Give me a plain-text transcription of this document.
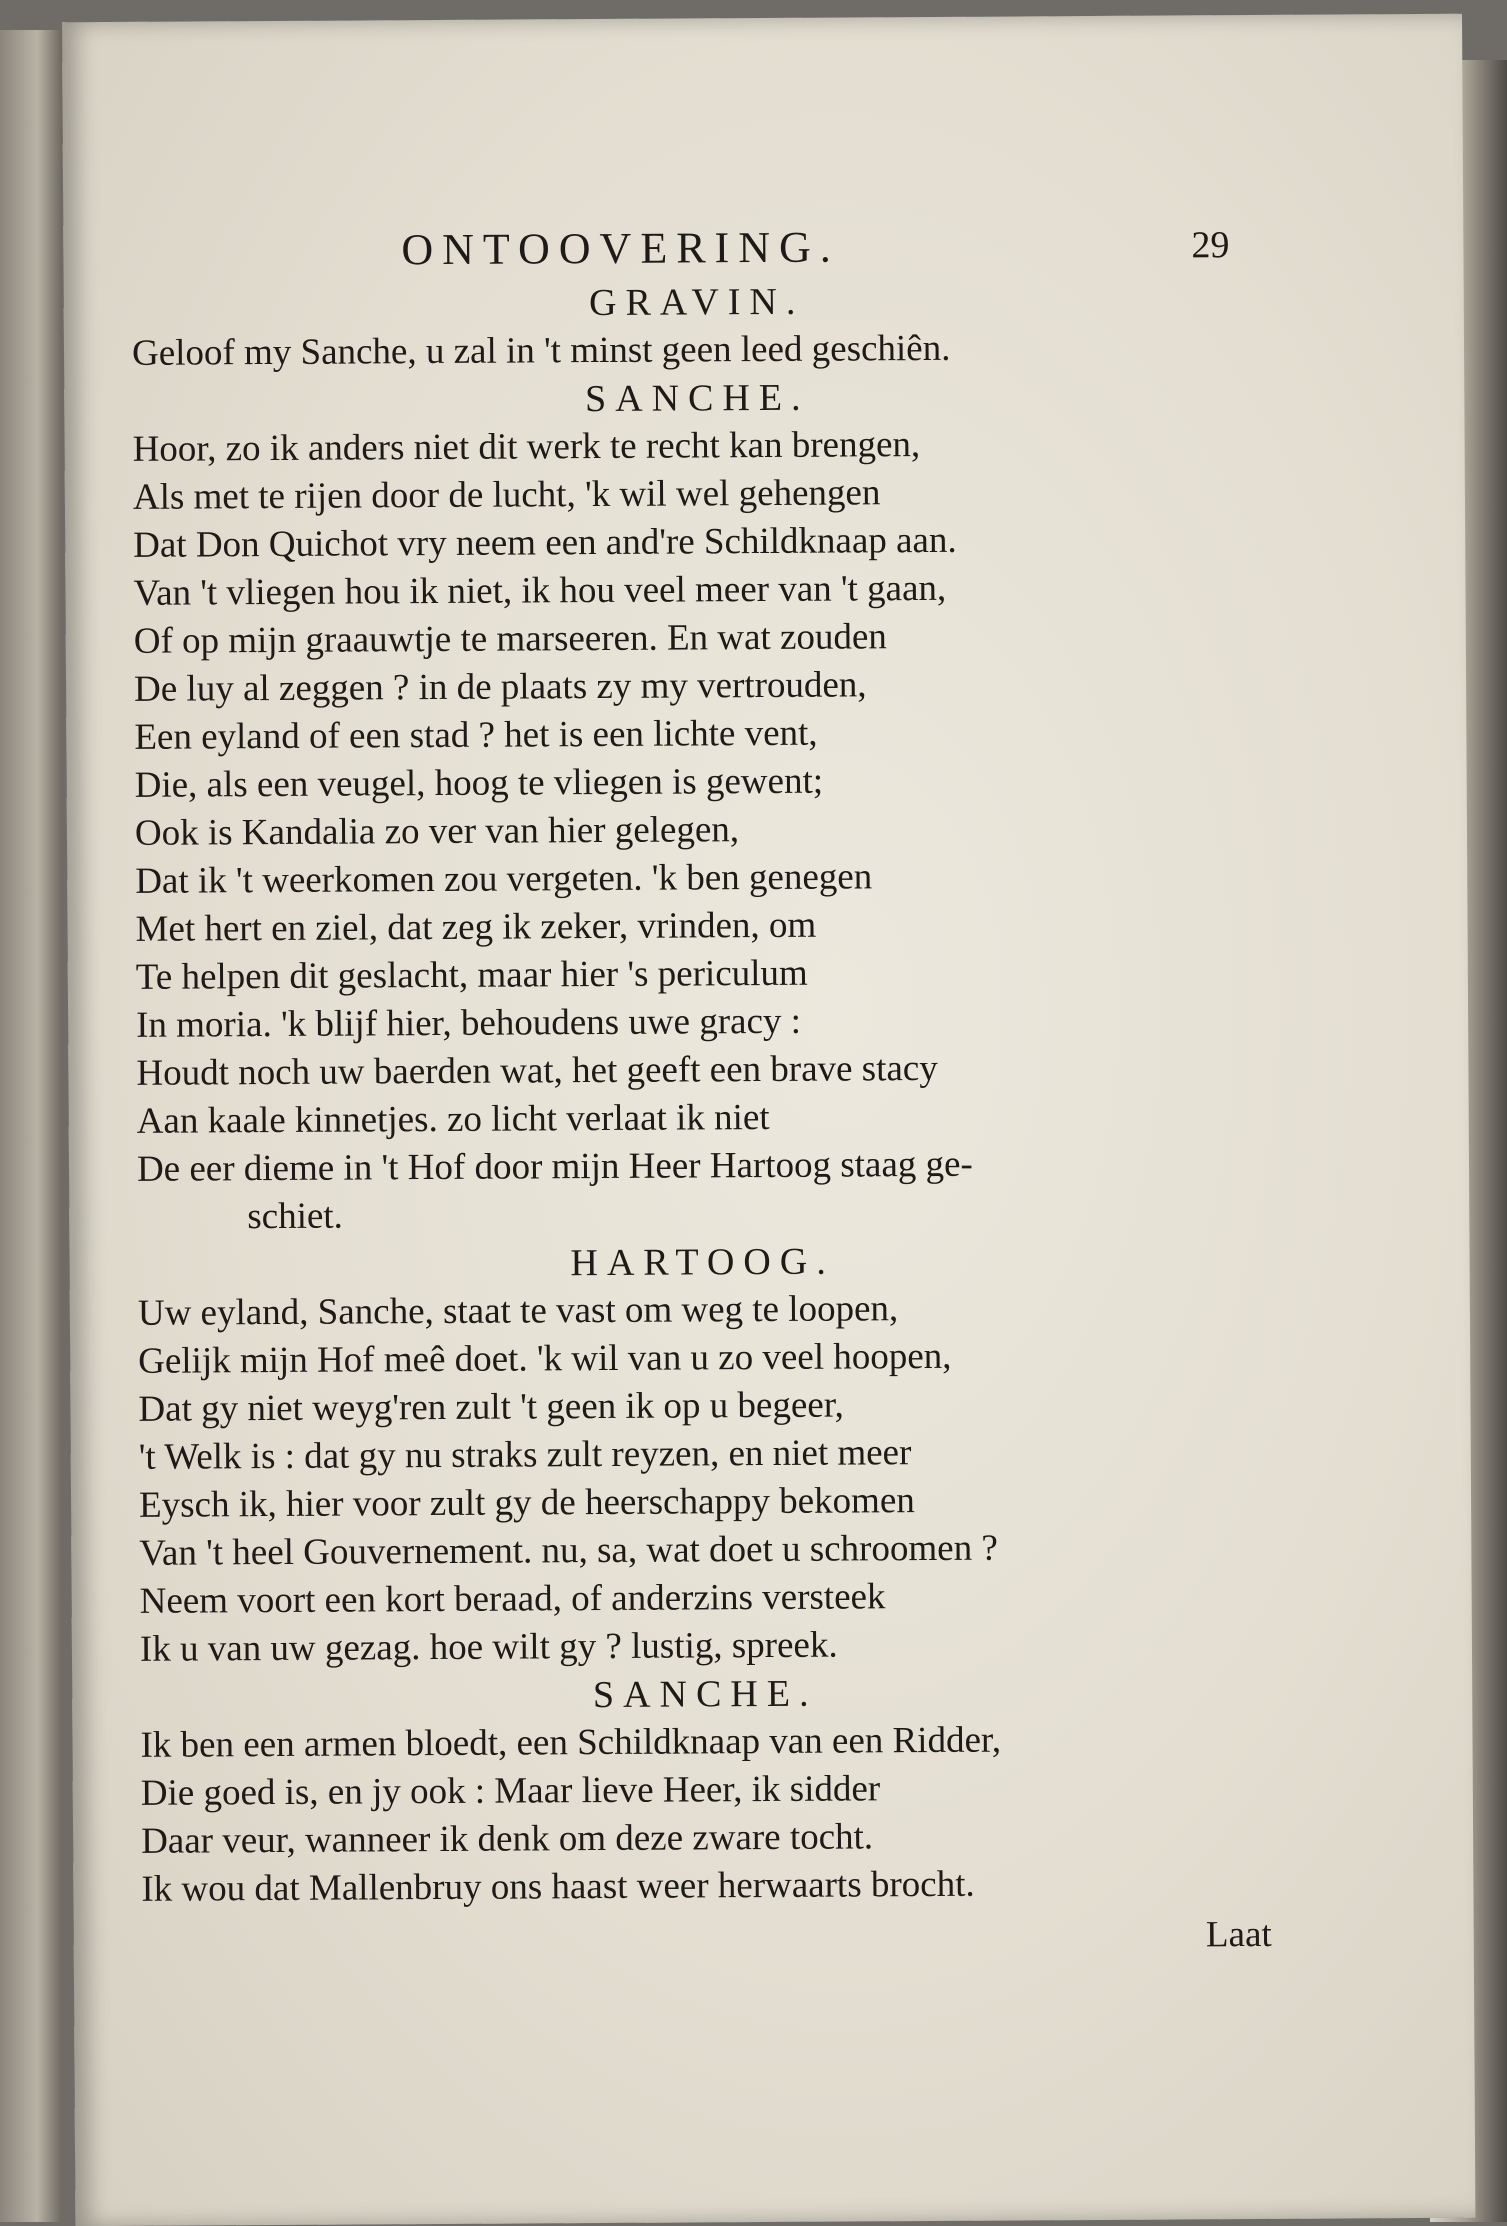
ONTOOVERING.	29
GRAVIN.
Geloof my Sanche, u zal in 't minst geen leed geschiên.
SANCHE.
Hoor, zo ik anders niet dit werk te recht kan brengen,
Als met te rijen door de lucht, 'k wil wel gehengen
Dat Don Quichot vry neem een and're Schildknaap aan.
Van 't vliegen hou ik niet, ik hou veel meer van 't gaan,
Of op mijn graauwtje te marseeren. En wat zouden
De luy al zeggen ? in de plaats zy my vertrouden,
Een eyland of een stad ? het is een lichte vent,
Die, als een veugel, hoog te vliegen is gewent;
Ook is Kandalia zo ver van hier gelegen,
Dat ik 't weerkomen zou vergeten. 'k ben genegen
Met hert en ziel, dat zeg ik zeker, vrinden, om
Te helpen dit geslacht, maar hier 's periculum
In moria. 'k blijf hier, behoudens uwe gracy :
Houdt noch uw baerden wat, het geeft een brave stacy
Aan kaale kinnetjes. zo licht verlaat ik niet
De eer dieme in 't Hof door mijn Heer Hartoog staag ge-
schiet.
HARTOOG.
Uw eyland, Sanche, staat te vast om weg te loopen,
Gelijk mijn Hof meê doet. 'k wil van u zo veel hoopen,
Dat gy niet weyg'ren zult 't geen ik op u begeer,
't Welk is : dat gy nu straks zult reyzen, en niet meer
Eysch ik, hier voor zult gy de heerschappy bekomen
Van 't heel Gouvernement. nu, sa, wat doet u schroomen ?
Neem voort een kort beraad, of anderzins versteek
Ik u van uw gezag. hoe wilt gy ? lustig, spreek.
SANCHE.
Ik ben een armen bloedt, een Schildknaap van een Ridder,
Die goed is, en jy ook : Maar lieve Heer, ik sidder
Daar veur, wanneer ik denk om deze zware tocht.
Ik wou dat Mallenbruy ons haast weer herwaarts brocht.
Laat
